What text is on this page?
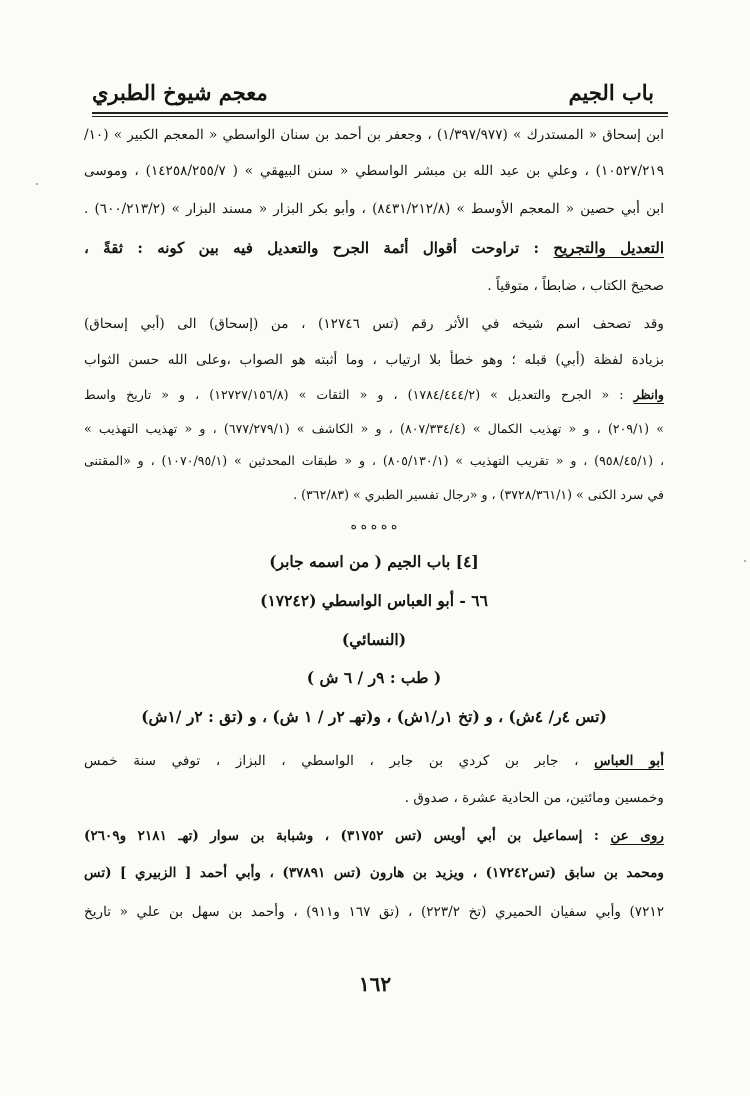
باب الجيم
معجم شيوخ الطبري
ابن إسحاق « المستدرك » (١/٣٩٧/٩٧٧) ، وجعفر بن أحمد بن سنان الواسطي « المعجم الكبير » (١٠/
١٠٥٢٧/٢١٩) ، وعلي بن عبد الله بن مبشر الواسطي « سنن البيهقي » ( ١٤٢٥٨/٢٥٥/٧) ، وموسى
ابن أبي حصين « المعجم الأوسط » (٨٤٣١/٢١٢/٨) ، وأبو بكر البزار « مسند البزار » (٦٠٠/٢١٣/٢) .
التعديل والتجريح : تراوحت أقوال أئمة الجرح والتعديل فيه بين كونه : ثقةً ،
صحيحَ الكتاب ، ضابطاً ، متوقياً .
وقد تصحف اسم شيخه في الأثر رقم (تس ١٢٧٤٦) ، من (إسحاق) الى (أبي إسحاق)
بزيادة لفظة (أبي) قبله ؛ وهو خطأ بلا ارتياب ، وما أثبته هو الصواب ،وعلى الله حسن الثواب
وانظر : « الجرح والتعديل » (١٧٨٤/٤٤٤/٢) ، و « الثقات » (١٢٧٢٧/١٥٦/٨) ، و « تاريخ واسط
» (٢٠٩/١) ، و « تهذيب الكمال » (٨٠٧/٣٣٤/٤) ، و « الكاشف » (٦٧٧/٢٧٩/١) ، و « تهذيب التهذيب »
، (٩٥٨/٤٥/١) ، و « تقريب التهذيب » (٨٠٥/١٣٠/١) ، و « طبقات المحدثين » (١٠٧٠/٩٥/١) ، و «المقتنى
في سرد الكنى » (٣٧٢٨/٣٦١/١) ، و «رجال تفسير الطبري » (٣٦٢/٨٣) .
ه ه ه ه ه
[٤] باب الجيم ( من اسمه جابر)
٦٦ - أبو العباس الواسطي (١٧٢٤٢)
(النسائي)
( طب : ٩ر / ٦ ش )
(تس ٤ر/ ٤ش) ، و (تخ ١ر/١ش) ، و(تهـ ٢ر / ١ ش) ، و (تق : ٢ر /١ش)
أبو العباس ، جابر بن كردي بن جابر ، الواسطي ، البزاز ، توفي سنة خمس
وخمسين ومائتين، من الحادية عشرة ، صدوق .
روى عن : إسماعيل بن أبي أويس (تس ٣١٧٥٢) ، وشبابة بن سوار (تهـ ٢١٨١ و٢٦٠٩)
ومحمد بن سابق (تس١٧٢٤٢) ، ويزيد بن هارون (تس ٣٧٨٩١) ، وأبي أحمد [ الزبيري ] (تس
٧٢١٢) وأبي سفيان الحميري (تخ ٢٢٣/٢) ، (تق ١٦٧ و٩١١) ، وأحمد بن سهل بن علي « تاريخ
١٦٢
